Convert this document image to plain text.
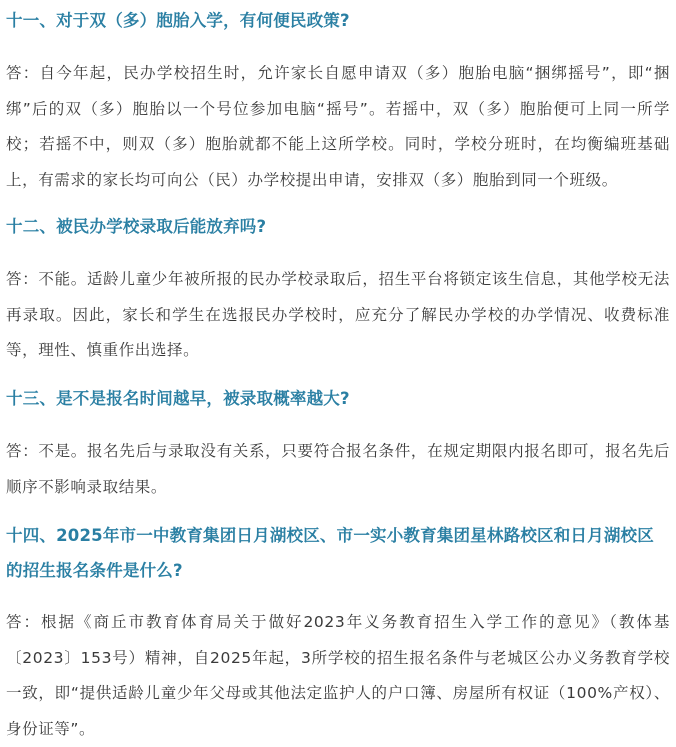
十一、对于双（多）胞胎入学，有何便民政策?

答：自今年起，民办学校招生时，允许家长自愿申请双（多）胞胎电脑“捆绑摇号”，即“捆绑”后的双（多）胞胎以一个号位参加电脑“摇号”。若摇中，双（多）胞胎便可上同一所学校；若摇不中，则双（多）胞胎就都不能上这所学校。同时，学校分班时，在均衡编班基础上，有需求的家长均可向公（民）办学校提出申请，安排双（多）胞胎到同一个班级。

十二、被民办学校录取后能放弃吗?

答：不能。适龄儿童少年被所报的民办学校录取后，招生平台将锁定该生信息，其他学校无法再录取。因此，家长和学生在选报民办学校时，应充分了解民办学校的办学情况、收费标准等，理性、慎重作出选择。

十三、是不是报名时间越早，被录取概率越大?

答：不是。报名先后与录取没有关系，只要符合报名条件，在规定期限内报名即可，报名先后顺序不影响录取结果。

十四、2025年市一中教育集团日月湖校区、市一实小教育集团星林路校区和日月湖校区的招生报名条件是什么?

答：根据《商丘市教育体育局关于做好2023年义务教育招生入学工作的意见》（教体基〔2023〕153号）精神，自2025年起，3所学校的招生报名条件与老城区公办义务教育学校一致，即“提供适龄儿童少年父母或其他法定监护人的户口簿、房屋所有权证（100%产权）、身份证等”。
